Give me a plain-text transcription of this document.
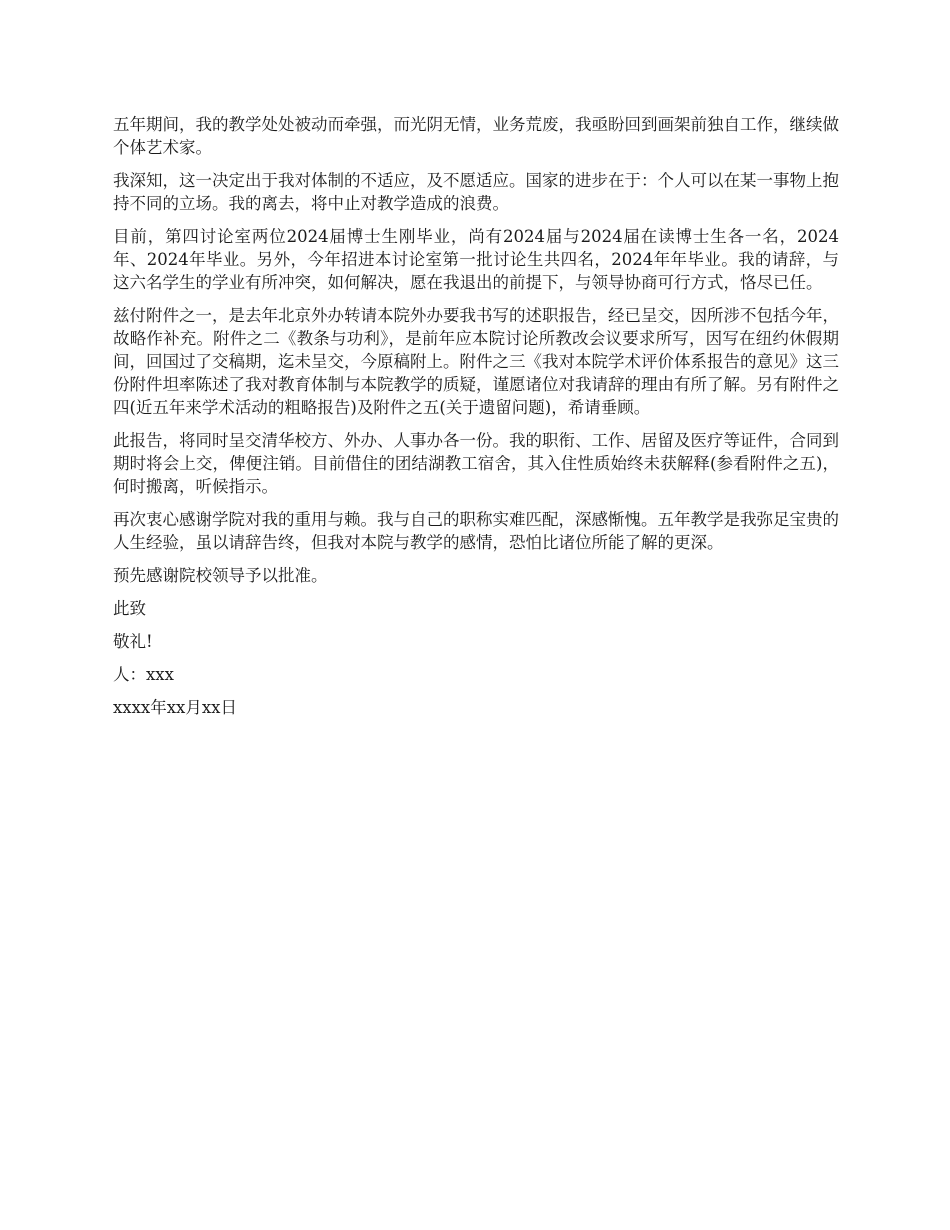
五年期间，我的教学处处被动而牵强，而光阴无情，业务荒废，我亟盼回到画架前独自工作，继续做个体艺术家。

我深知，这一决定出于我对体制的不适应，及不愿适应。国家的进步在于：个人可以在某一事物上抱持不同的立场。我的离去，将中止对教学造成的浪费。

目前，第四讨论室两位2024届博士生刚毕业，尚有2024届与2024届在读博士生各一名，2024年、2024年毕业。另外，今年招进本讨论室第一批讨论生共四名，2024年年毕业。我的请辞，与这六名学生的学业有所冲突，如何解决，愿在我退出的前提下，与领导协商可行方式，恪尽已任。

兹付附件之一，是去年北京外办转请本院外办要我书写的述职报告，经已呈交，因所涉不包括今年，故略作补充。附件之二《教条与功利》，是前年应本院讨论所教改会议要求所写，因写在纽约休假期间，回国过了交稿期，迄未呈交，今原稿附上。附件之三《我对本院学术评价体系报告的意见》这三份附件坦率陈述了我对教育体制与本院教学的质疑，谨愿诸位对我请辞的理由有所了解。另有附件之四(近五年来学术活动的粗略报告)及附件之五(关于遗留问题)，希请垂顾。

此报告，将同时呈交清华校方、外办、人事办各一份。我的职衔、工作、居留及医疗等证件，合同到期时将会上交，俾便注销。目前借住的团结湖教工宿舍，其入住性质始终未获解释(参看附件之五)，何时搬离，听候指示。

再次衷心感谢学院对我的重用与赖。我与自己的职称实难匹配，深感惭愧。五年教学是我弥足宝贵的人生经验，虽以请辞告终，但我对本院与教学的感情，恐怕比诸位所能了解的更深。

预先感谢院校领导予以批准。

此致

敬礼!

人：xxx

xxxx年xx月xx日
